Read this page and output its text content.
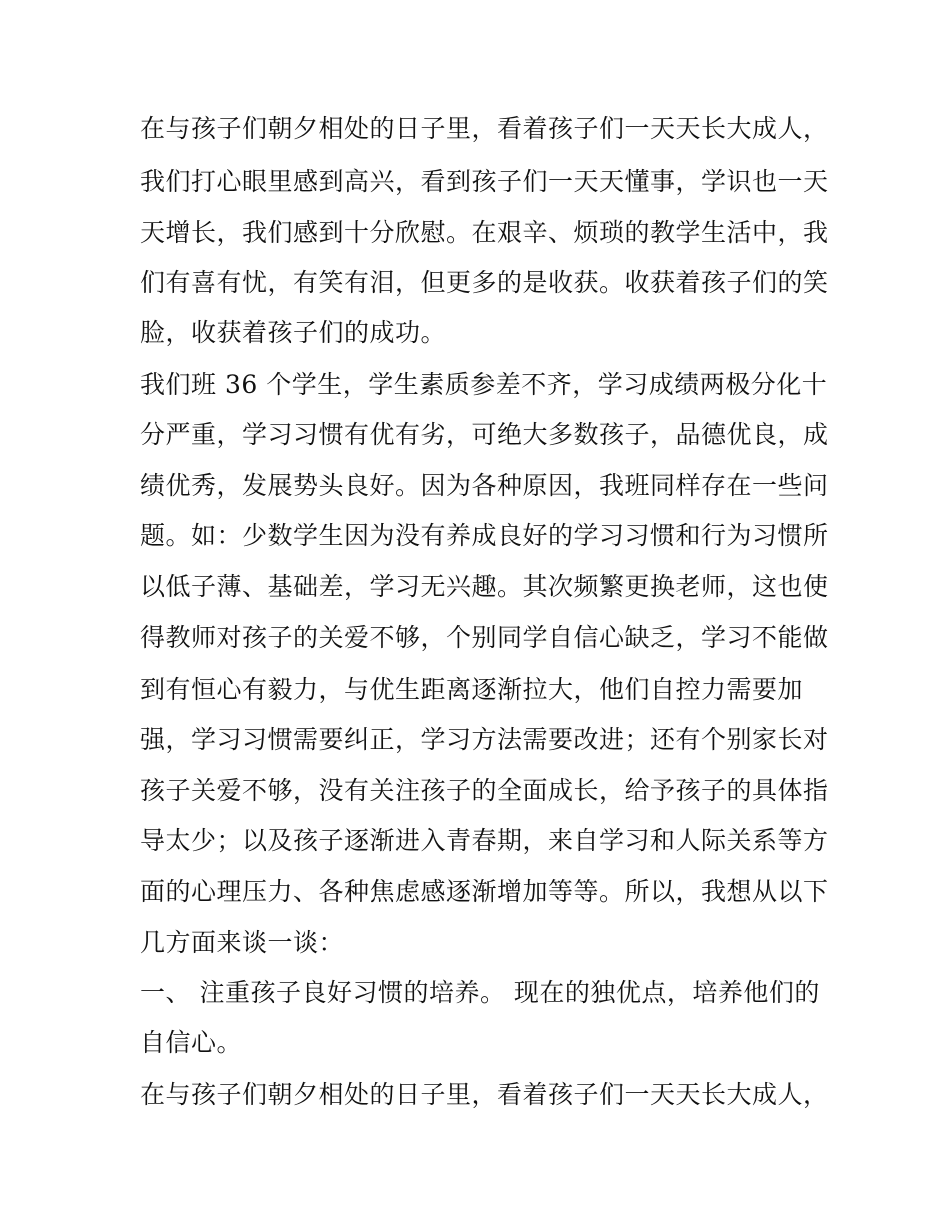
在与孩子们朝夕相处的日子里，看着孩子们一天天长大成人，
我们打心眼里感到高兴，看到孩子们一天天懂事，学识也一天
天增长，我们感到十分欣慰。在艰辛、烦琐的教学生活中，我
们有喜有忧，有笑有泪，但更多的是收获。收获着孩子们的笑
脸，收获着孩子们的成功。
我们班 36 个学生，学生素质参差不齐，学习成绩两极分化十
分严重，学习习惯有优有劣，可绝大多数孩子，品德优良，成
绩优秀，发展势头良好。因为各种原因，我班同样存在一些问
题。如：少数学生因为没有养成良好的学习习惯和行为习惯所
以低子薄、基础差，学习无兴趣。其次频繁更换老师，这也使
得教师对孩子的关爱不够，个别同学自信心缺乏，学习不能做
到有恒心有毅力，与优生距离逐渐拉大，他们自控力需要加
强，学习习惯需要纠正，学习方法需要改进；还有个别家长对
孩子关爱不够，没有关注孩子的全面成长，给予孩子的具体指
导太少；以及孩子逐渐进入青春期，来自学习和人际关系等方
面的心理压力、各种焦虑感逐渐增加等等。所以，我想从以下
几方面来谈一谈：
一、 注重孩子良好习惯的培养。 现在的独优点，培养他们的
自信心。
在与孩子们朝夕相处的日子里，看着孩子们一天天长大成人，
